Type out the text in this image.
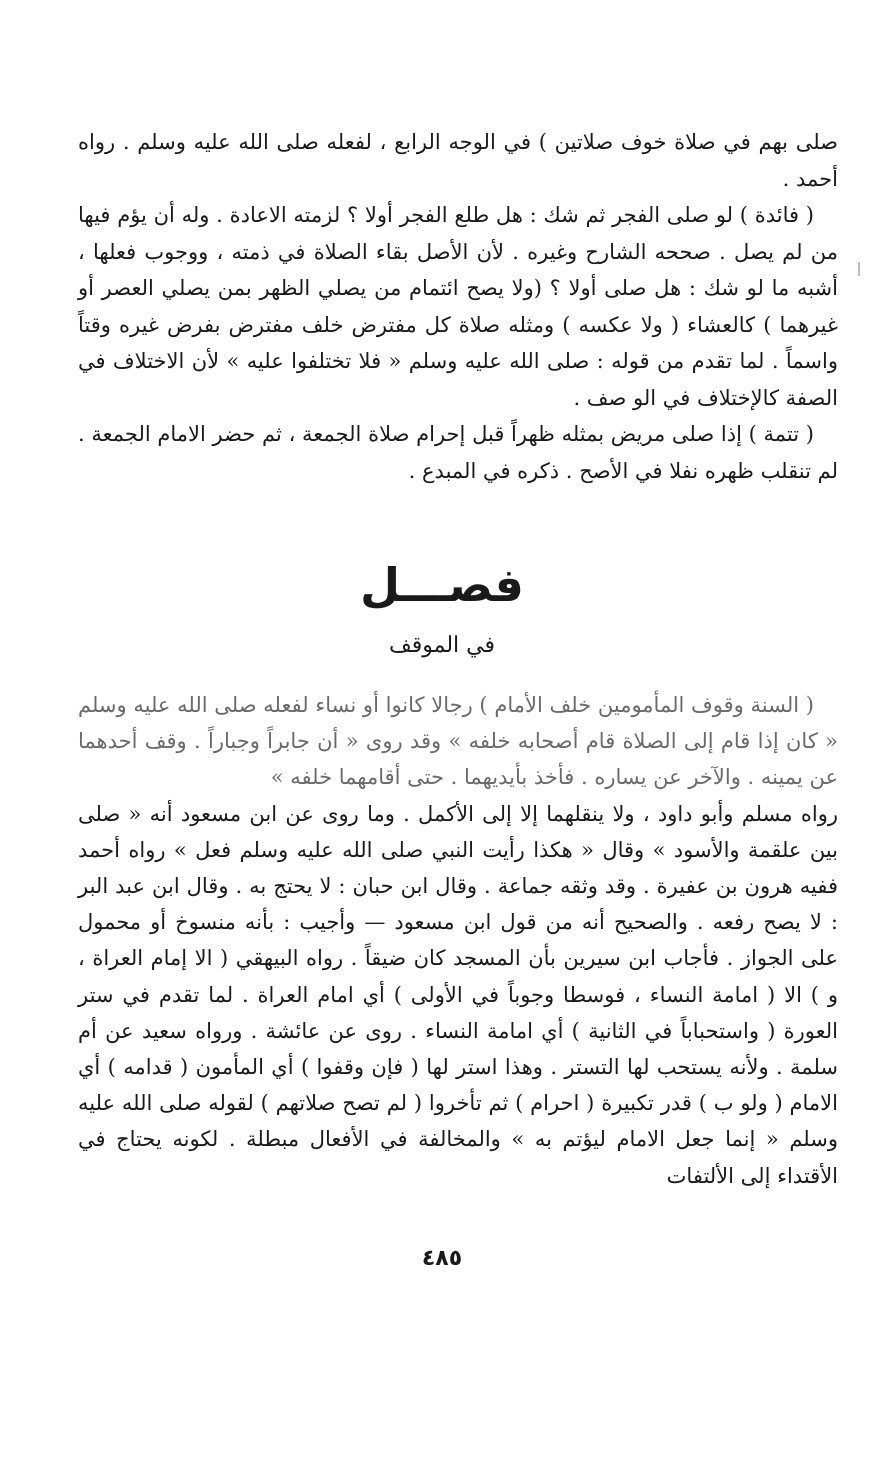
صلى بهم في صلاة خوف صلاتين ) في الوجه الرابع ، لفعله صلى الله عليه وسلم . رواه أحمد .

( فائدة ) لو صلى الفجر ثم شك : هل طلع الفجر أولا ؟ لزمته الاعادة . وله أن يؤم فيها من لم يصل . صححه الشارح وغيره . لأن الأصل بقاء الصلاة في ذمته ، ووجوب فعلها ، أشبه ما لو شك : هل صلى أولا ؟ (ولا يصح ائتمام من يصلي الظهر بمن يصلي العصر أو غيرهما ) كالعشاء ( ولا عكسه ) ومثله صلاة كل مفترض خلف مفترض بفرض غيره وقتاً واسماً . لما تقدم من قوله : صلى الله عليه وسلم « فلا تختلفوا عليه » لأن الاختلاف في الصفة كالإختلاف في الو صف .

( تتمة ) إذا صلى مريض بمثله ظهراً قبل إحرام صلاة الجمعة ، ثم حضر الامام الجمعة . لم تنقلب ظهره نفلا في الأصح . ذكره في المبدع .

فصـــل
في الموقف

( السنة وقوف المأمومين خلف الأمام ) رجالا كانوا أو نساء لفعله صلى الله عليه وسلم « كان إذا قام إلى الصلاة قام أصحابه خلفه » وقد روى « أن جابراً وجباراً . وقف أحدهما عن يمينه . والآخر عن يساره . فأخذ بأيديهما . حتى أقامهما خلفه »

رواه مسلم وأبو داود ، ولا ينقلهما إلا إلى الأكمل . وما روى عن ابن مسعود أنه « صلى بين علقمة والأسود » وقال « هكذا رأيت النبي صلى الله عليه وسلم فعل » رواه أحمد ففيه هرون بن عفيرة . وقد وثقه جماعة . وقال ابن حبان : لا يحتج به . وقال ابن عبد البر : لا يصح رفعه . والصحيح أنه من قول ابن مسعود — وأجيب : بأنه منسوخ أو محمول على الجواز . فأجاب ابن سيرين بأن المسجد كان ضيقاً . رواه البيهقي ( الا إمام العراة ، و ) الا ( امامة النساء ، فوسطا وجوباً في الأولى ) أي امام العراة . لما تقدم في ستر العورة ( واستحباباً في الثانية ) أي امامة النساء . روى عن عائشة . ورواه سعيد عن أم سلمة . ولأنه يستحب لها التستر . وهذا استر لها ( فإن وقفوا ) أي المأمون ( قدامه ) أي الامام ( ولو ب ) قدر تكبيرة ( احرام ) ثم تأخروا ( لم تصح صلاتهم ) لقوله صلى الله عليه وسلم « إنما جعل الامام ليؤتم به » والمخالفة في الأفعال مبطلة . لكونه يحتاج في الأقتداء إلى الألتفات

٤٨٥
